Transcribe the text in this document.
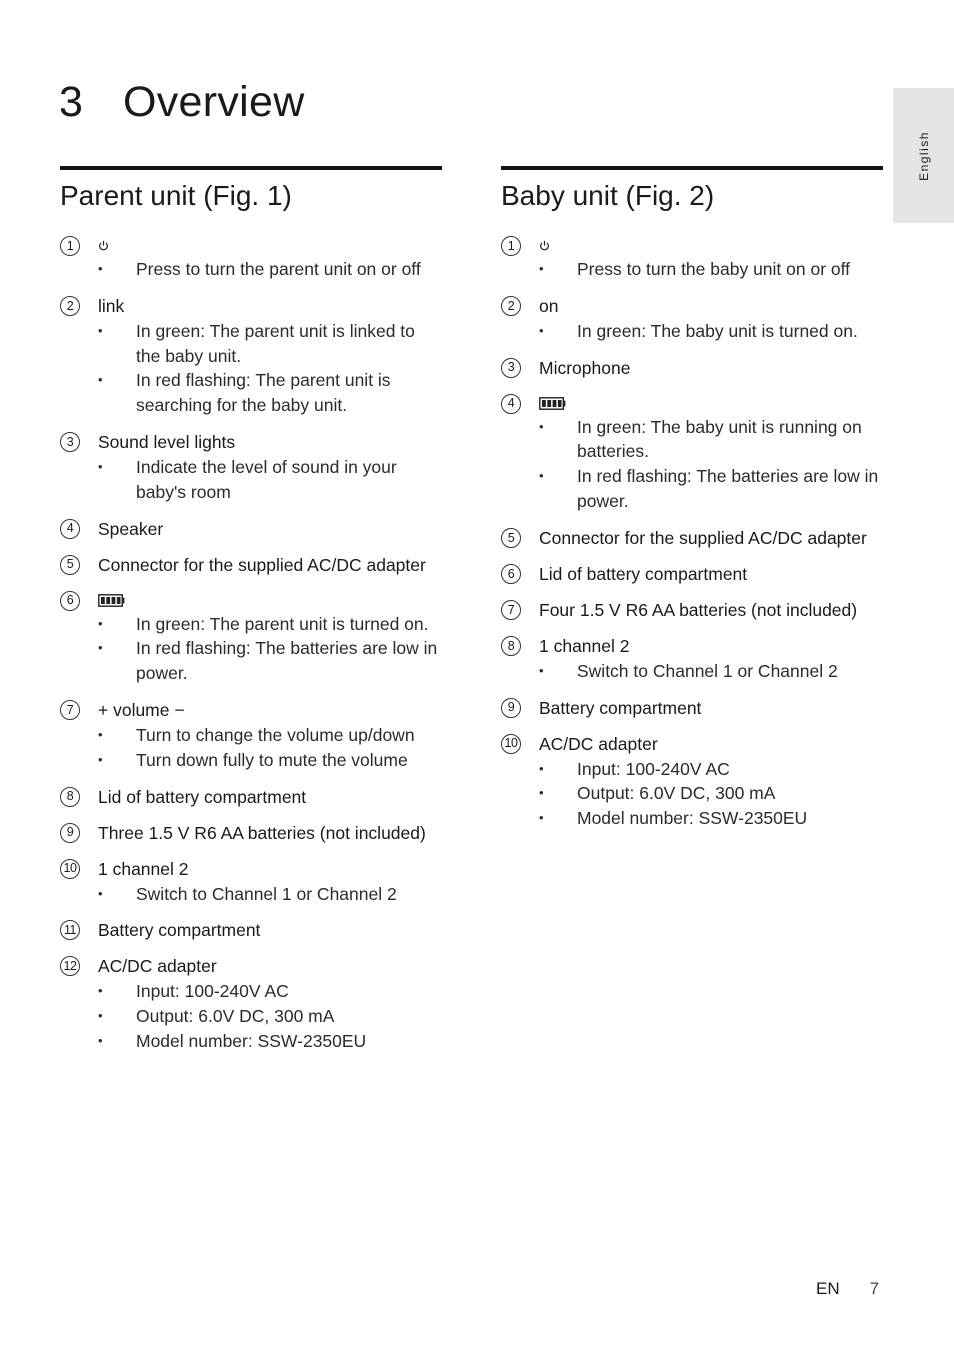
3 Overview
English
Parent unit (Fig. 1)
1
• Press to turn the parent unit on or off
2	link
• In green: The parent unit is linked to the baby unit.
• In red flashing: The parent unit is searching for the baby unit.
3	Sound level lights
• Indicate the level of sound in your baby's room
4	Speaker
5	Connector for the supplied AC/DC adapter
6
• In green: The parent unit is turned on.
• In red flashing: The batteries are low in power.
7	+ volume −
• Turn to change the volume up/down
• Turn down fully to mute the volume
8	Lid of battery compartment
9	Three 1.5 V R6 AA batteries (not included)
10 1 channel 2
• Switch to Channel 1 or Channel 2
11 Battery compartment
12 AC/DC adapter
• Input: 100-240V AC
• Output: 6.0V DC, 300 mA
• Model number: SSW-2350EU
Baby unit (Fig. 2)
1
• Press to turn the baby unit on or off
2	on
• In green: The baby unit is turned on.
3	Microphone
4
• In green: The baby unit is running on batteries.
• In red flashing: The batteries are low in power.
5	Connector for the supplied AC/DC adapter
6	Lid of battery compartment
7	Four 1.5 V R6 AA batteries (not included)
8	1 channel 2
• Switch to Channel 1 or Channel 2
9	Battery compartment
10 AC/DC adapter
• Input: 100-240V AC
• Output: 6.0V DC, 300 mA
• Model number: SSW-2350EU
EN 7
